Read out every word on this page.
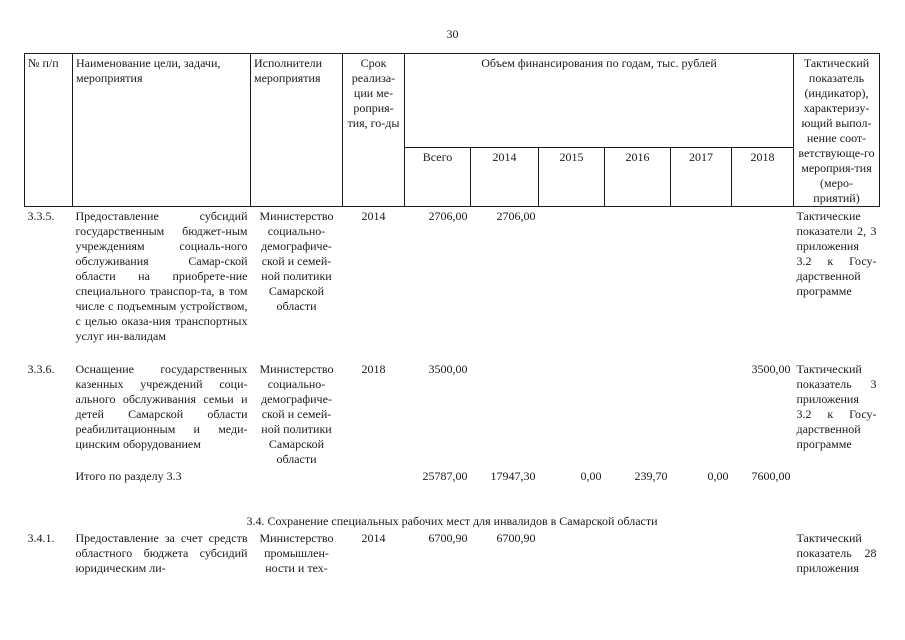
30
№ п/п	Наименование цели, задачи, мероприятия	Исполнители мероприятия	Срок реализа-ции ме-роприя-тия, го-ды	Объем финансирования по годам, тыс. рублей						Тактический показатель (индикатор), характеризу-ющий выпол-нение соот-ветствующе-го мероприя-тия (меро-приятий)
				Всего	2014	2015	2016	2017	2018	
3.3.5.	Предоставление субсидий государственным бюджет-ным учреждениям социаль-ного обслуживания Самар-ской области на приобрете-ние специального транспор-та, в том числе с подъемным устройством, с целью оказа-ния транспортных услуг ин-валидам	Министерство социально-демографиче-ской и семей-ной политики Самарской области	2014	2706,00	2706,00					Тактические показатели 2, 3 приложения 3.2 к Госу-дарственной программе
3.3.6.	Оснащение государственных казенных учреждений соци-ального обслуживания семьи и детей Самарской области реабилитационным и меди-цинским оборудованием	Министерство социально-демографиче-ской и семей-ной политики Самарской области	2018	3500,00					3500,00	Тактический показатель 3 приложения 3.2 к Госу-дарственной программе
	Итого по разделу 3.3			25787,00	17947,30	0,00	239,70	0,00	7600,00	
3.4. Сохранение специальных рабочих мест для инвалидов в Самарской области										
3.4.1.	Предоставление за счет средств областного бюджета субсидий юридическим ли-	Министерство промышлен-ности и тех-	2014	6700,90	6700,90					Тактический показатель 28 приложения
